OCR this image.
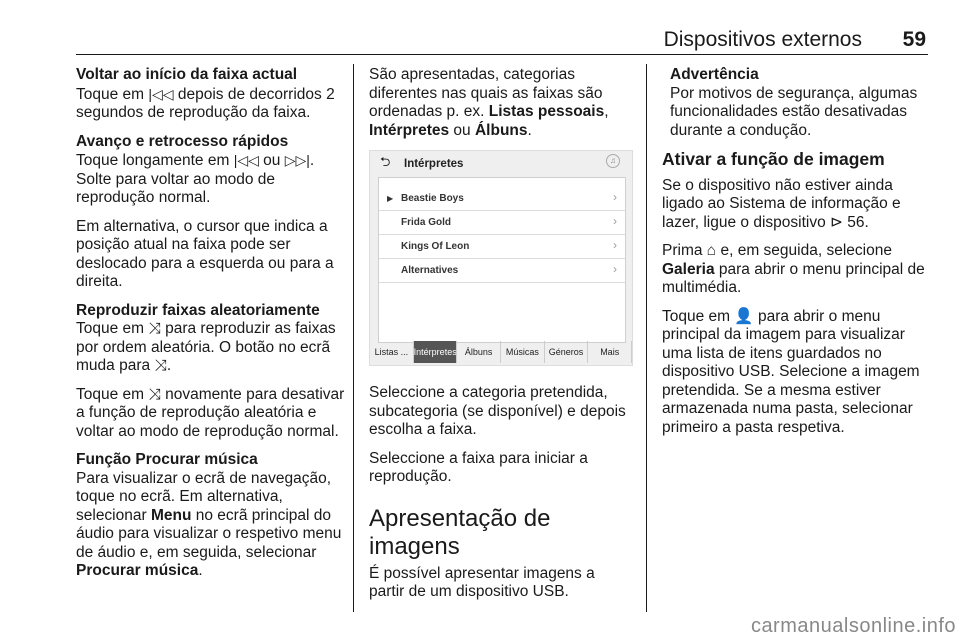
Dispositivos externos 59

Voltar ao início da faixa actual

Toque em |◁◁ depois de decorridos 2 segundos de reprodução da faixa.

Avanço e retrocesso rápidos

Toque longamente em |◁◁ ou ▷▷|. Solte para voltar ao modo de reprodução normal.

Em alternativa, o cursor que indica a posição atual na faixa pode ser deslocado para a esquerda ou para a direita.

Reproduzir faixas aleatoriamente

Toque em ⤨ para reproduzir as faixas por ordem aleatória. O botão no ecrã muda para ⤨.

Toque em ⤨ novamente para desativar a função de reprodução aleatória e voltar ao modo de reprodução normal.

Função Procurar música

Para visualizar o ecrã de navegação, toque no ecrã. Em alternativa, selecionar Menu no ecrã principal do áudio para visualizar o respetivo menu de áudio e, em seguida, selecionar Procurar música.

São apresentadas, categorias diferentes nas quais as faixas são ordenadas p. ex. Listas pessoais, Intérpretes ou Álbuns.

⮌ Intérpretes	♫
▶ Beastie Boys	›
Frida Gold	›
Kings Of Leon	›
Alternatives	›
Listas ... Intérpretes Álbuns	Músicas	Géneros	Mais

Seleccione a categoria pretendida, subcategoria (se disponível) e depois escolha a faixa.

Seleccione a faixa para iniciar a reprodução.

Apresentação de imagens

É possível apresentar imagens a partir de um dispositivo USB.

Advertência

Por motivos de segurança, algumas funcionalidades estão desativadas durante a condução.

Ativar a função de imagem

Se o dispositivo não estiver ainda ligado ao Sistema de informação e lazer, ligue o dispositivo ⊳ 56.

Prima ⌂ e, em seguida, selecione Galeria para abrir o menu principal de multimédia.

Toque em 👤 para abrir o menu principal da imagem para visualizar uma lista de itens guardados no dispositivo USB. Selecione a imagem pretendida. Se a mesma estiver armazenada numa pasta, selecionar primeiro a pasta respetiva.

carmanualsonline.info
